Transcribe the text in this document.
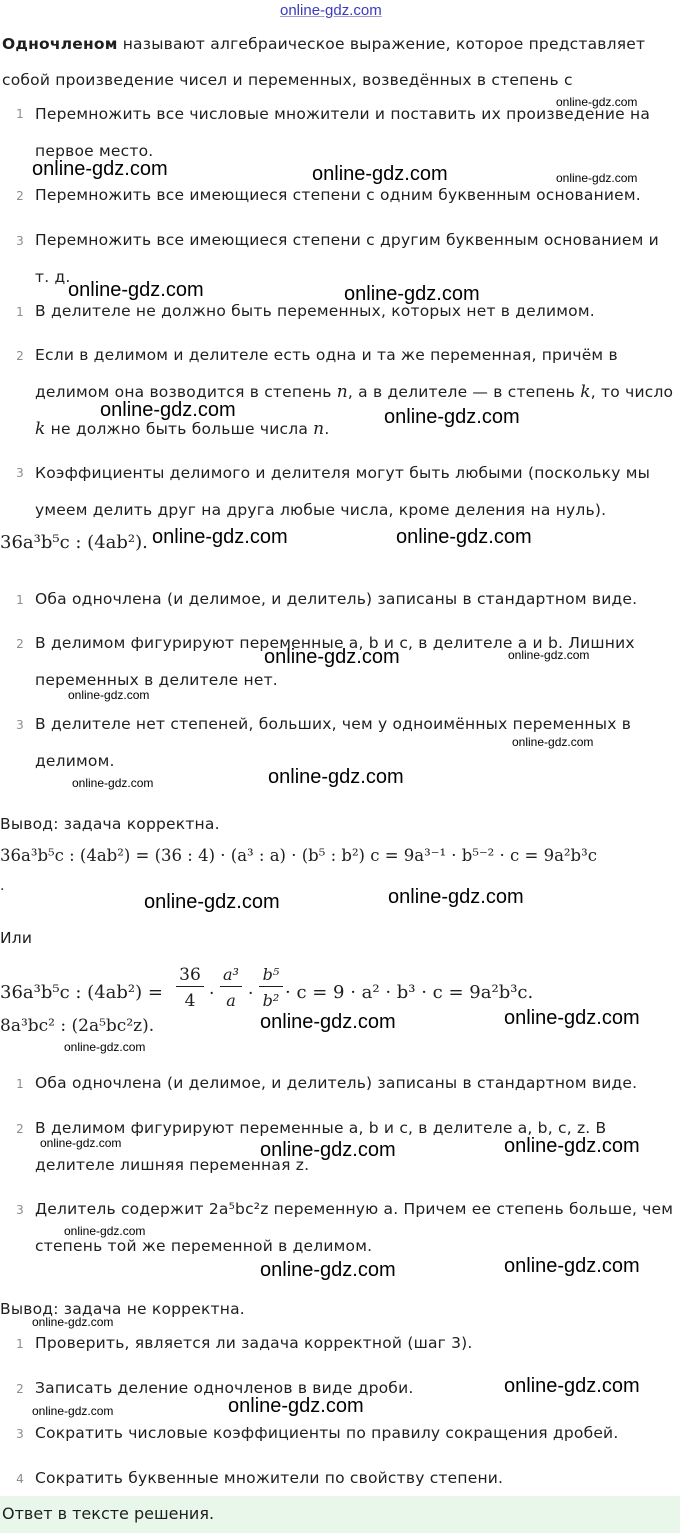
online-gdz.com
Одночленом называют алгебраическое выражение, которое представляет
собой произведение чисел и переменных, возведённых в степень с
1 Перемножить все числовые множители и поставить их произведение на первое место.
2 Перемножить все имеющиеся степени с одним буквенным основанием.
3 Перемножить все имеющиеся степени с другим буквенным основанием и т. д.
1 В делителе не должно быть переменных, которых нет в делимом.
2 Если в делимом и делителе есть одна и та же переменная, причём в делимом она возводится в степень n, а в делителе — в степень k, то число k не должно быть больше числа n.
3 Коэффициенты делимого и делителя могут быть любыми (поскольку мы умеем делить друг на друга любые числа, кроме деления на нуль).
36a³b⁵c : (4ab²).
1 Оба одночлена (и делимое, и делитель) записаны в стандартном виде.
2 В делимом фигурируют переменные a, b и c, в делителе a и b. Лишних переменных в делителе нет.
3 В делителе нет степеней, больших, чем у одноимённых переменных в делимом.
Вывод: задача корректна.
36a³b⁵c : (4ab²) = (36 : 4) · (a³ : a) · (b⁵ : b²) c = 9a³⁻¹ · b⁵⁻² · c = 9a²b³c
.
Или
36a³b⁵c : (4ab²) =
36
4 ·
a³
a ·
b⁵
b² · c = 9 · a² · b³ · c = 9a²b³c.
8a³bc² : (2a⁵bc²z).
1 Оба одночлена (и делимое, и делитель) записаны в стандартном виде.
2 В делимом фигурируют переменные a, b и c, в делителе a, b, c, z. В делителе лишняя переменная z.
3 Делитель содержит 2a⁵bc²z переменную a. Причем ее степень больше, чем степень той же переменной в делимом.
Вывод: задача не корректна.
1 Проверить, является ли задача корректной (шаг 3).
2 Записать деление одночленов в виде дроби.
3 Сократить числовые коэффициенты по правилу сокращения дробей.
4 Сократить буквенные множители по свойству степени.
Ответ в тексте решения.
online-gdz.com
online-gdz.com	online-gdz.com	online-gdz.com
online-gdz.com	online-gdz.com
online-gdz.com	online-gdz.com
online-gdz.com	online-gdz.com
online-gdz.com	online-gdz.com
online-gdz.com
online-gdz.com
online-gdz.com
online-gdz.com
online-gdz.com	online-gdz.com
online-gdz.com	online-gdz.com
online-gdz.com
online-gdz.com	online-gdz.com	online-gdz.com
online-gdz.com
online-gdz.com	online-gdz.com
online-gdz.com
online-gdz.com
online-gdz.com
online-gdz.com
